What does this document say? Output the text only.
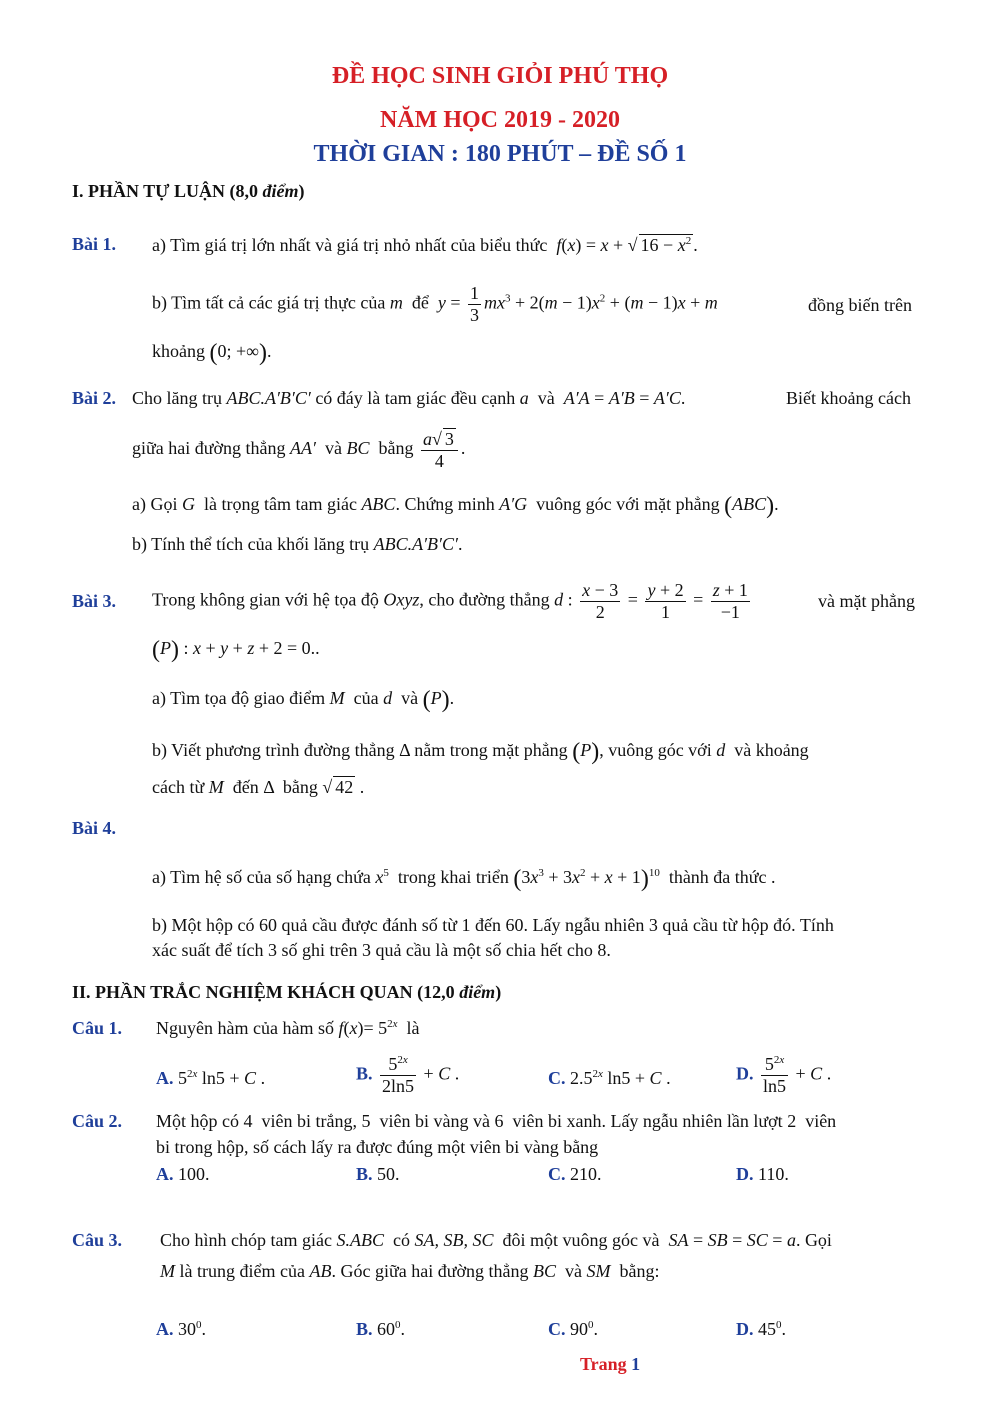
ĐỀ HỌC SINH GIỎI PHÚ THỌ
NĂM HỌC 2019 - 2020
THỜI GIAN : 180 PHÚT – ĐỀ SỐ 1
I. PHẦN TỰ LUẬN (8,0 điểm)
Bài 1. a) Tìm giá trị lớn nhất và giá trị nhỏ nhất của biểu thức f(x) = x + √ $16 - x^2$ .
b) Tìm tất cả các giá trị thực của m để $y = \frac{1}{3} mx^3 + 2(m - 1)x^2 + (m - 1)x + m$	đồng biến trên
khoảng (0; +∞).
Bài 2. Cho lăng trụ ABC.A′B′C′ có đáy là tam giác đều cạnh a  và  A′A = A′B = A′C.	Biết khoảng cách
giữa hai đường thẳng AA′ và BC bằng $\frac{a√ 3}{4}$ .
a) Gọi G là trọng tâm tam giác ABC. Chứng minh A′G vuông góc với mặt phẳng (ABC).
b) Tính thể tích của khối lăng trụ ABC.A′B′C′.
Bài 3. Trong không gian với hệ tọa độ Oxyz, cho đường thẳng d : $\frac{x - 3}{2} = \frac{y + 2}{1} = \frac{z + 1}{-1}$	và mặt phẳng
(P) : x + y + z + 2 = 0..
a) Tìm tọa độ giao điểm M của d và (P).
b) Viết phương trình đường thẳng Δ nằm trong mặt phẳng (P), vuông góc với d và khoảng
cách từ M đến Δ  bằng √ 42 .
Bài 4.
a) Tìm hệ số của số hạng chứa $x^5$ trong khai triển $(3x^3 + 3x^2 + x + 1)^{10}$ thành đa thức .
b) Một hộp có 60 quả cầu được đánh số từ 1 đến 60. Lấy ngẫu nhiên 3 quả cầu từ hộp đó. Tính
xác suất để tích 3 số ghi trên 3 quả cầu là một số chia hết cho 8.
II. PHẦN TRẮC NGHIỆM KHÁCH QUAN (12,0 điểm)
Câu 1. Nguyên hàm của hàm số $f(x)= 5^{2x}$ là
A. $5^{2x}$ ln5 + C .	B. $\frac{5^{2x}}{2\ln 5} + C$ .	C. $2.5^{2x}$ ln5 + C .	D. $\frac{5^{2x}}{\ln 5} + C$ .
Câu 2. Một hộp có 4  viên bi trắng, 5  viên bi vàng và 6  viên bi xanh. Lấy ngẫu nhiên lần lượt 2  viên
bi trong hộp, số cách lấy ra được đúng một viên bi vàng bằng
A. 100.	B. 50.	C. 210.	D. 110.
Câu 3. Cho hình chóp tam giác S.ABC có SA, SB, SC đôi một vuông góc và SA = SB = SC = a. Gọi
M là trung điểm của AB. Góc giữa hai đường thẳng BC và SM bằng:
A. $30^0$.	B. $60^0$.	C. $90^0$.	D. $45^0$.
Trang 1
